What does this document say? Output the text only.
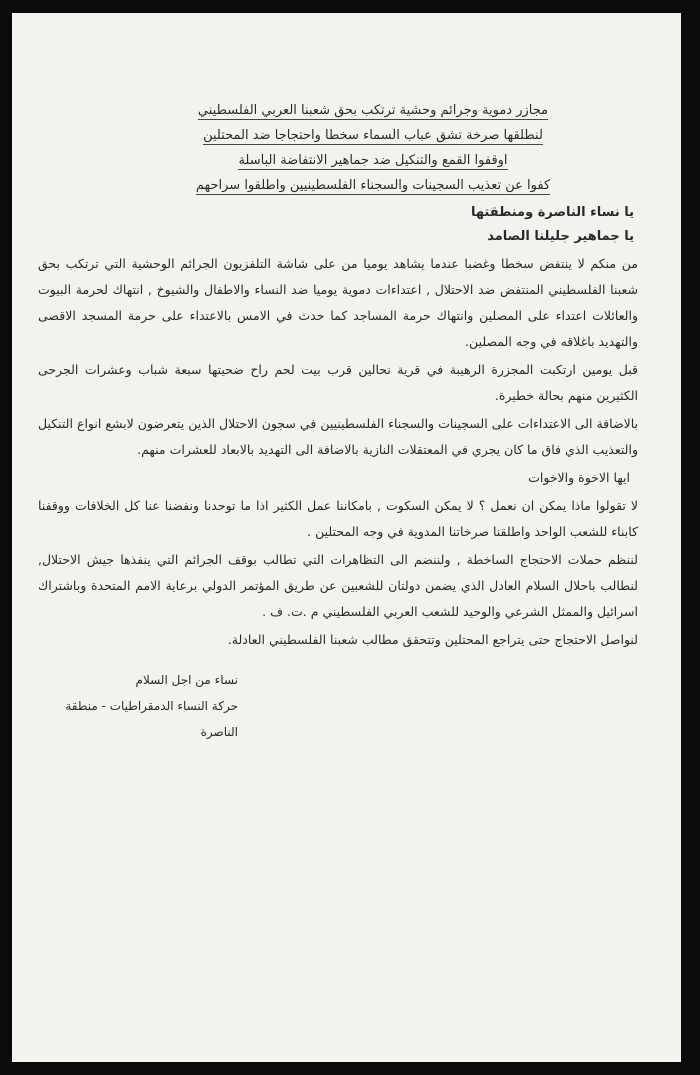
مجازر دموية وجرائم وحشية ترتكب بحق شعبنا العربي الفلسطيني
لنطلقها صرخة تشق عباب السماء سخطا واحتجاجا ضد المحتلين
اوقفوا القمع والتنكيل ضد جماهير الانتفاضة الباسلة
كفوا عن تعذيب السجينات والسجناء الفلسطينيين واطلقوا سراحهم

يا نساء الناصرة ومنطقتها

يا جماهير جليلنا الصامد

من منكم لا ينتفض سخطا وغضبا عندما يشاهد يوميا من على شاشة التلفزيون الجرائم الوحشية التي ترتكب بحق شعبنا الفلسطيني المنتفض ضد الاحتلال , اعتداءات دموية يوميا ضد النساء والاطفال والشيوخ , انتهاك لحرمة البيوت والعائلات اعتداء على المصلين وانتهاك حرمة المساجد كما حدث في الامس بالاعتداء على حرمة المسجد الاقصى والتهديد باغلاقه في وجه المصلين.

قبل يومين ارتكبت المجزرة الرهيبة في قرية نحالين قرب بيت لحم راح ضحيتها سبعة شباب وعشرات الجرحى الكثيرين منهم بحالة خطيرة.

بالاضافة الى الاعتداءات على السجينات والسجناء الفلسطينيين في سجون الاحتلال الذين يتعرضون لابشع انواع التنكيل والتعذيب الذي فاق ما كان يجري في المعتقلات النازية بالاضافة الى التهديد بالابعاد للعشرات منهم.

ايها الاخوة والاخوات

لا تقولوا ماذا يمكن ان نعمل ؟ لا يمكن السكوت , بامكاننا عمل الكثير اذا ما توحدنا ونفضنا عنا كل الخلافات ووقفنا كابناء للشعب الواحد واطلقنا صرخاتنا المدوية في وجه المحتلين .

لننظم حملات الاحتجاج الساخطة , ولننضم الى التظاهرات التي تطالب بوقف الجرائم التي ينفذها جيش الاحتلال, لنطالب باحلال السلام العادل الذي يضمن دولتان للشعبين عن طريق المؤتمر الدولي برعاية الامم المتحدة وباشتراك اسرائيل والممثل الشرعي والوحيد للشعب العربي الفلسطيني م .ت. ف .

لنواصل الاحتجاج حتى يتراجع المحتلين وتتحقق مطالب شعبنا الفلسطيني العادلة.

نساء من اجل السلام

حركة النساء الدمقراطيات - منطقة الناصرة
